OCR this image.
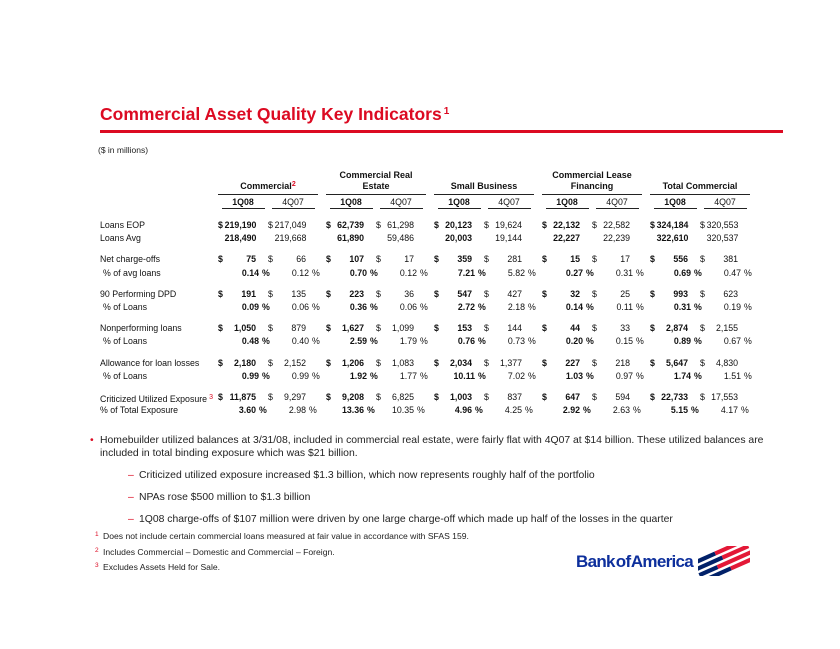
Commercial Asset Quality Key Indicators $^1$
($ in millions)
Commercial$^2$
Commercial Real
Estate	Small Business
Commercial Lease
Financing	Total Commercial
1Q08	4Q07	1Q08	4Q07	1Q08	4Q07	1Q08	4Q07	1Q08	4Q07
Loans EOP	$ 219,190 $ 217,049 $ 62,739 $ 61,298 $ 20,123 $ 19,624 $ 22,132 $ 22,582 $ 324,184 $ 320,553
Loans Avg	218,490 219,668	61,890	59,486	20,003	19,144	22,227	22,239	322,610 320,537
Net charge-offs	$	75 $	66 $	107 $	17 $	359 $	281 $	15 $	17 $	556 $	381
% of avg loans	0.14 %	0.12 %	0.70 %	0.12 %	7.21 %	5.82 %	0.27 %	0.31 %	0.69 %	0.47 %
90 Performing DPD	$	191 $	135 $	223 $	36 $	547 $	427 $	32 $	25 $	993 $	623
% of Loans	0.09 %	0.06 %	0.36 %	0.06 %	2.72 %	2.18 %	0.14 %	0.11 %	0.31 %	0.19 %
Nonperforming loans	$	1,050 $	879 $	1,627 $	1,099 $	153 $	144 $	44 $	33 $	2,874 $	2,155
% of Loans	0.48 %	0.40 %	2.59 %	1.79 %	0.76 %	0.73 %	0.20 %	0.15 %	0.89 %	0.67 %
Allowance for loan losses	$	2,180 $	2,152 $	1,206 $	1,083 $	2,034 $	1,377 $	227 $	218 $	5,647 $	4,830
% of Loans	0.99 %	0.99 %	1.92 %	1.77 %	10.11 %	7.02 %	1.03 %	0.97 %	1.74 %	1.51 %
Criticized Utilized Exposure $^3$ $ 11,875 $	9,297 $	9,208 $	6,825 $	1,003 $	837 $	647 $	594 $ 22,733 $ 17,553
% of Total Exposure	3.60 %	2.98 %	13.36 %	10.35 %	4.96 %	4.25 %	2.92 %	2.63 %	5.15 %	4.17 %
• Homebuilder utilized balances at 3/31/08, included in commercial real estate, were fairly flat with 4Q07 at $14 billion. These utilized balances are included in total binding exposure which was $21 billion.
– Criticized utilized exposure increased $1.3 billion, which now represents roughly half of the portfolio
– NPAs rose $500 million to $1.3 billion
– 1Q08 charge-offs of $107 million were driven by one large charge-off which made up half of the losses in the quarter
$^1$ Does not include certain commercial loans measured at fair value in accordance with SFAS 159.
$^2$ Includes Commercial – Domestic and Commercial – Foreign.
$^3$ Excludes Assets Held for Sale.	Bank of America
